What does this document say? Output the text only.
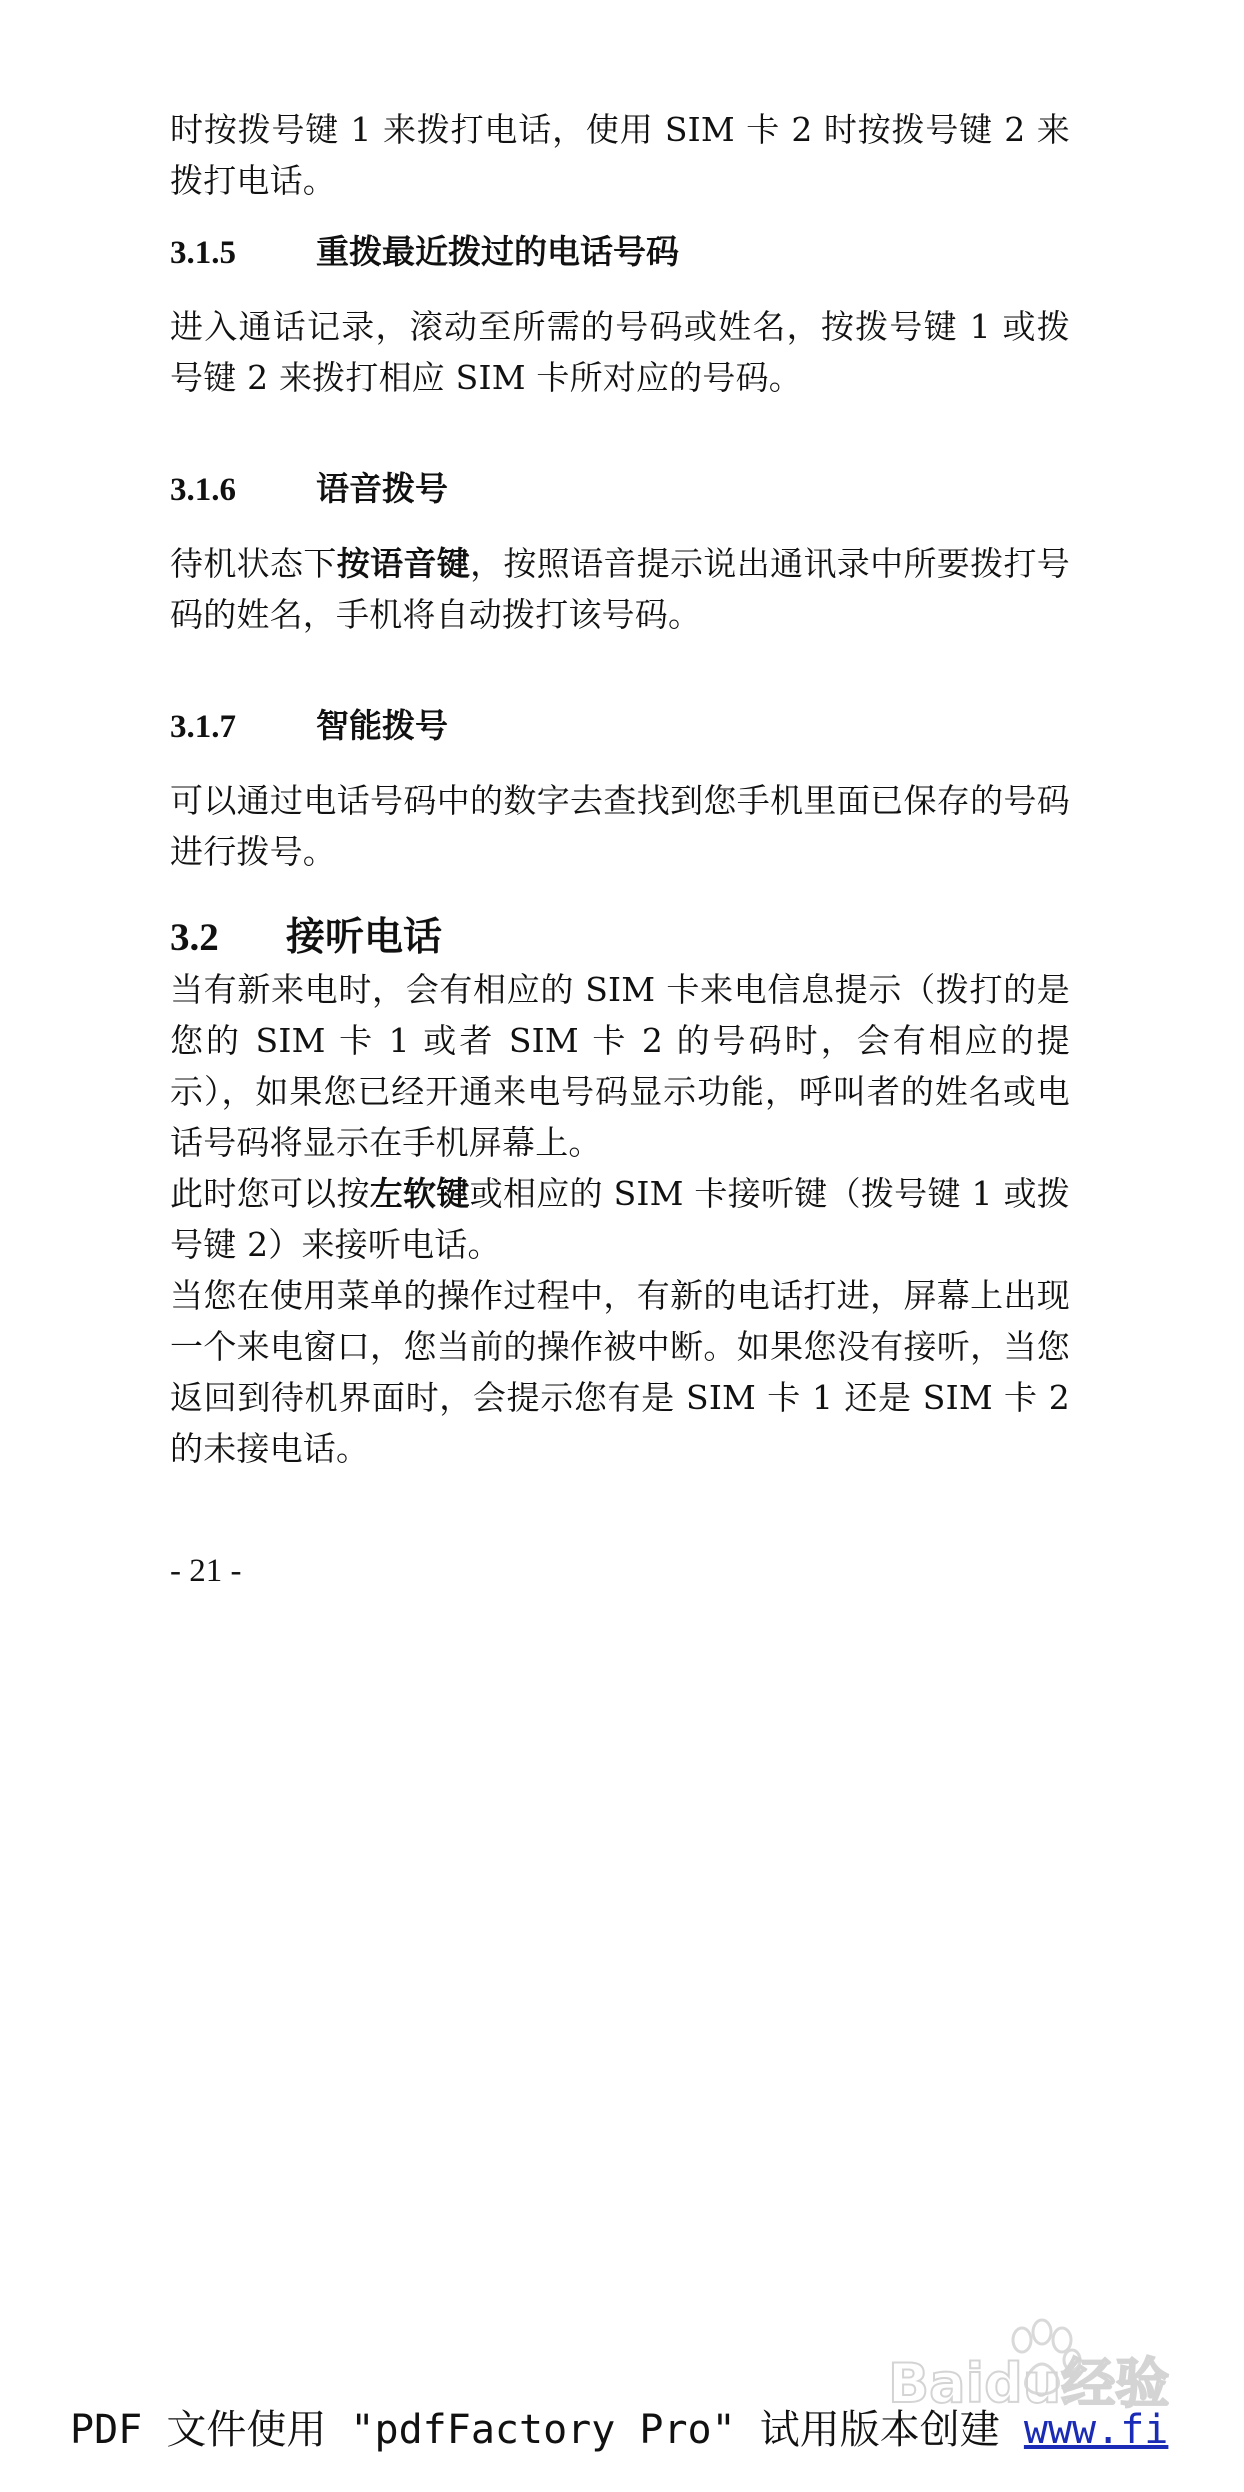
时按拨号键 1 来拨打电话，使用 SIM 卡 2 时按拨号键 2 来拨打电话。

3.1.5	重拨最近拨过的电话号码

进入通话记录，滚动至所需的号码或姓名，按拨号键 1 或拨号键 2 来拨打相应 SIM 卡所对应的号码。

3.1.6	语音拨号

待机状态下按语音键，按照语音提示说出通讯录中所要拨打号码的姓名，手机将自动拨打该号码。

3.1.7	智能拨号

可以通过电话号码中的数字去查找到您手机里面已保存的号码进行拨号。

3.2	接听电话

当有新来电时，会有相应的 SIM 卡来电信息提示（拨打的是您的 SIM 卡 1 或者 SIM 卡 2 的号码时，会有相应的提示），如果您已经开通来电号码显示功能，呼叫者的姓名或电话号码将显示在手机屏幕上。

此时您可以按左软键或相应的 SIM 卡接听键（拨号键 1 或拨号键 2）来接听电话。

当您在使用菜单的操作过程中，有新的电话打进，屏幕上出现一个来电窗口，您当前的操作被中断。如果您没有接听，当您返回到待机界面时，会提示您有是 SIM 卡 1 还是 SIM 卡 2 的未接电话。

- 21 -
Baidu经验
PDF 文件使用 "pdfFactory Pro" 试用版本创建 www.fi
